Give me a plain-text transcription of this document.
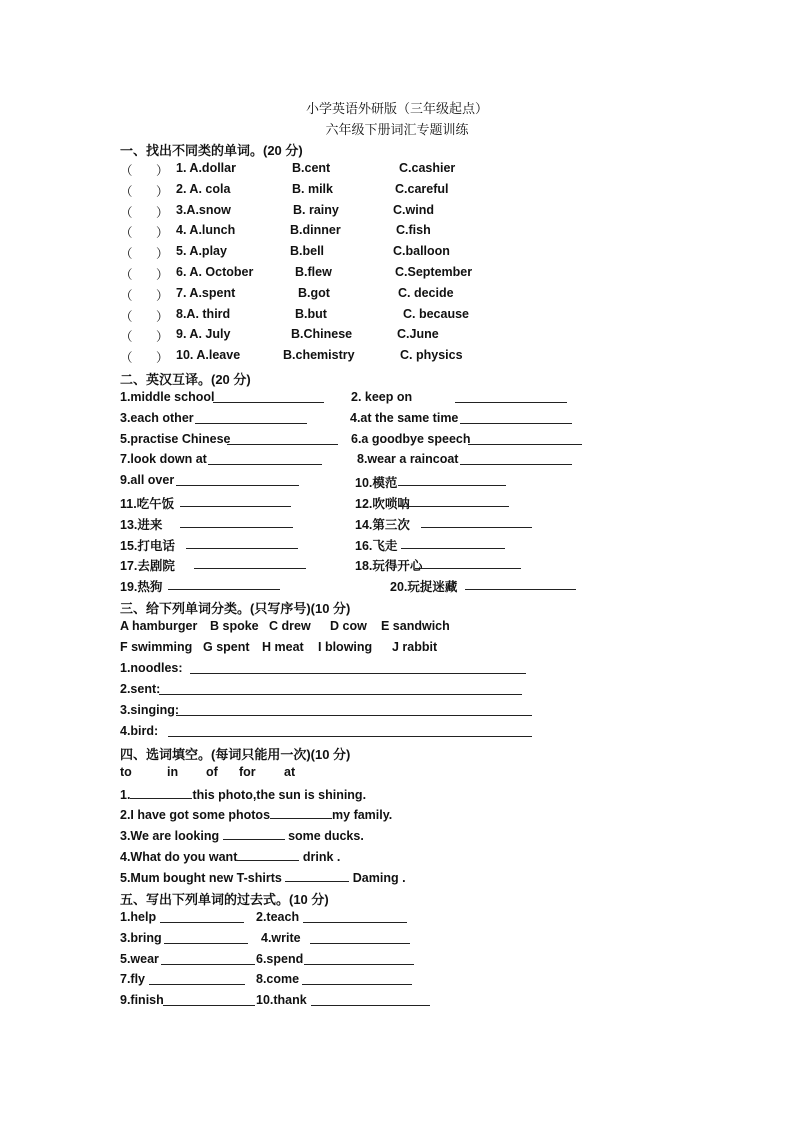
小学英语外研版（三年级起点）
六年级下册词汇专题训练
一、找出不同类的单词。(20 分)
（ ） 1. A.dollar	B.cent	C.cashier
（ ） 2. A. cola	B. milk	C.careful
（ ） 3.A.snow	B. rainy	C.wind
（ ） 4. A.lunch	B.dinner	C.fish
（ ） 5. A.play	B.bell	C.balloon
（ ） 6. A. October	B.flew	C.September
（ ） 7. A.spent	B.got	C. decide
（ ） 8.A. third	B.but	C. because
（ ） 9. A. July	B.Chinese	C.June
（ ） 10. A.leave	B.chemistry	C. physics
二、英汉互译。(20 分)
1.middle school	2. keep on
3.each other	4.at the same time
5.practise Chinese	6.a goodbye speech
7.look down at	8.wear a raincoat
9.all over	10.模范
11.吃午饭	12.吹唢呐
13.进来	14.第三次
15.打电话	16.飞走
17.去剧院	18.玩得开心
19.热狗	20.玩捉迷藏
三、给下列单词分类。(只写序号)(10 分)
A hamburger B spoke C drew D cow E sandwich
F swimming G spent H meat I blowing J rabbit
1.noodles:
2.sent:
3.singing:
4.bird:
四、选词填空。(每词只能用一次)(10 分)
to	in of for at
1.	this photo,the sun is shining.
2.I have got some photos	my family.
3.We are looking	some ducks.
4.What do you want	drink .
5.Mum bought new T-shirts	Daming .
五、写出下列单词的过去式。(10 分)
1.help	2.teach
3.bring	4.write
5.wear	6.spend
7.fly	8.come
9.finish	10.thank
